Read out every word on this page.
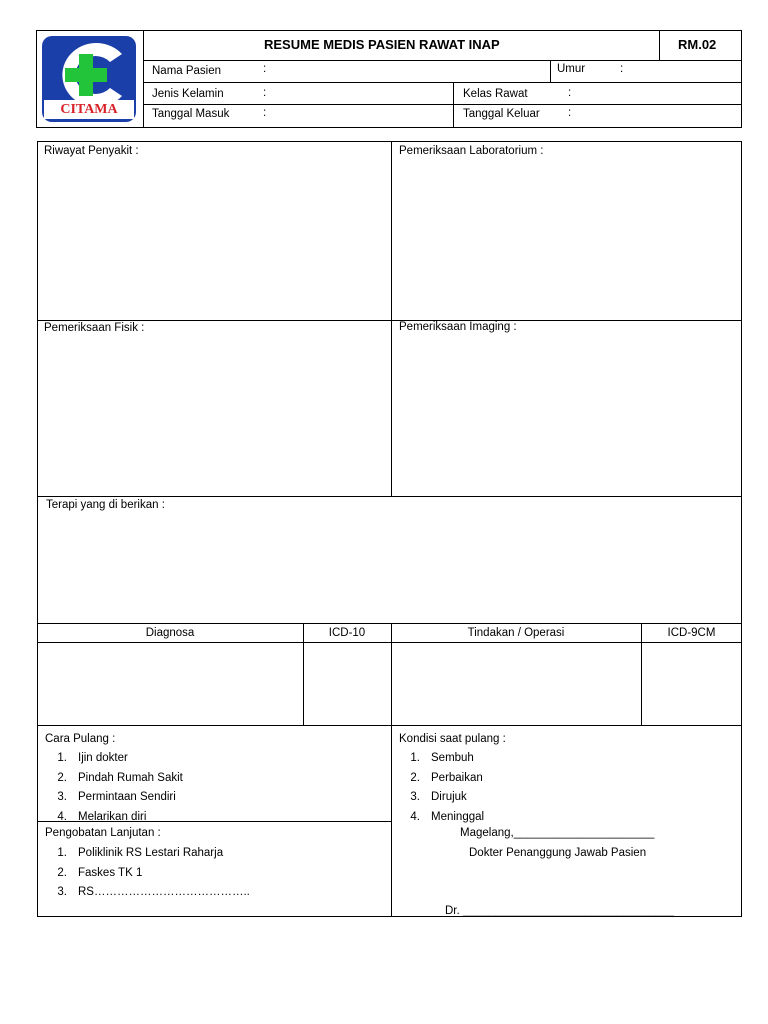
CITAMA
RESUME MEDIS PASIEN RAWAT INAP	RM.02
Nama Pasien	:	Umur	:
Jenis Kelamin	:	Kelas Rawat	:
Tanggal Masuk	:	Tanggal Keluar :
Riwayat Penyakit :	Pemeriksaan Laboratorium :
Pemeriksaan Fisik :	Pemeriksaan Imaging :
Terapi yang di berikan :
Diagnosa	ICD-10	Tindakan / Operasi	ICD-9CM
Cara Pulang :
1. Ijin dokter
2. Pindah Rumah Sakit
3. Permintaan Sendiri
4. Melarikan diri
Kondisi saat pulang :
1. Sembuh
2. Perbaikan
3. Dirujuk
4. Meninggal
Pengobatan Lanjutan :
1. Poliklinik RS Lestari Raharja
2. Faskes TK 1
3. RS…………………………………..
Magelang,______________________
Dokter Penanggung Jawab Pasien
Dr. _________________________________
